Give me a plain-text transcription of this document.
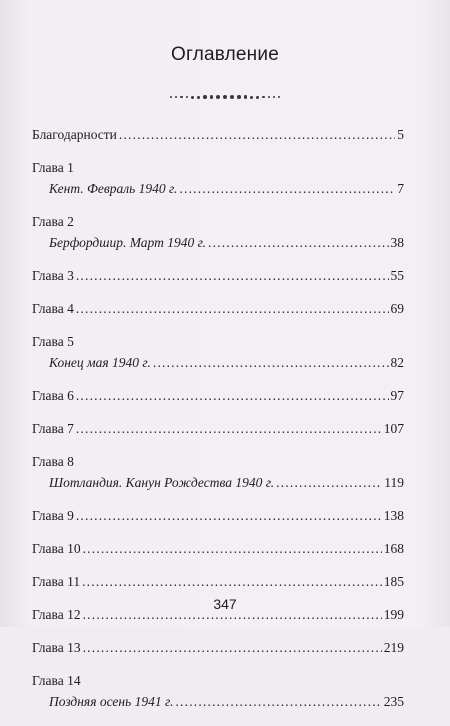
Оглавление
Благодарности .....	5
Глава 1
Кент. Февраль 1940 г. .....	7
Глава 2
Берфордшир. Март 1940 г. .....	38
Глава 3 .....	55
Глава 4 .....	69
Глава 5
Конец мая 1940 г. .....	82
Глава 6 .....	97
Глава 7 .....	107
Глава 8
Шотландия. Канун Рождества 1940 г. .....	119
Глава 9 .....	138
Глава 10 .....	168
Глава 11 .....	185
Глава 12 .....	199
Глава 13 .....	219
Глава 14
Поздняя осень 1941 г. .....	235
347
